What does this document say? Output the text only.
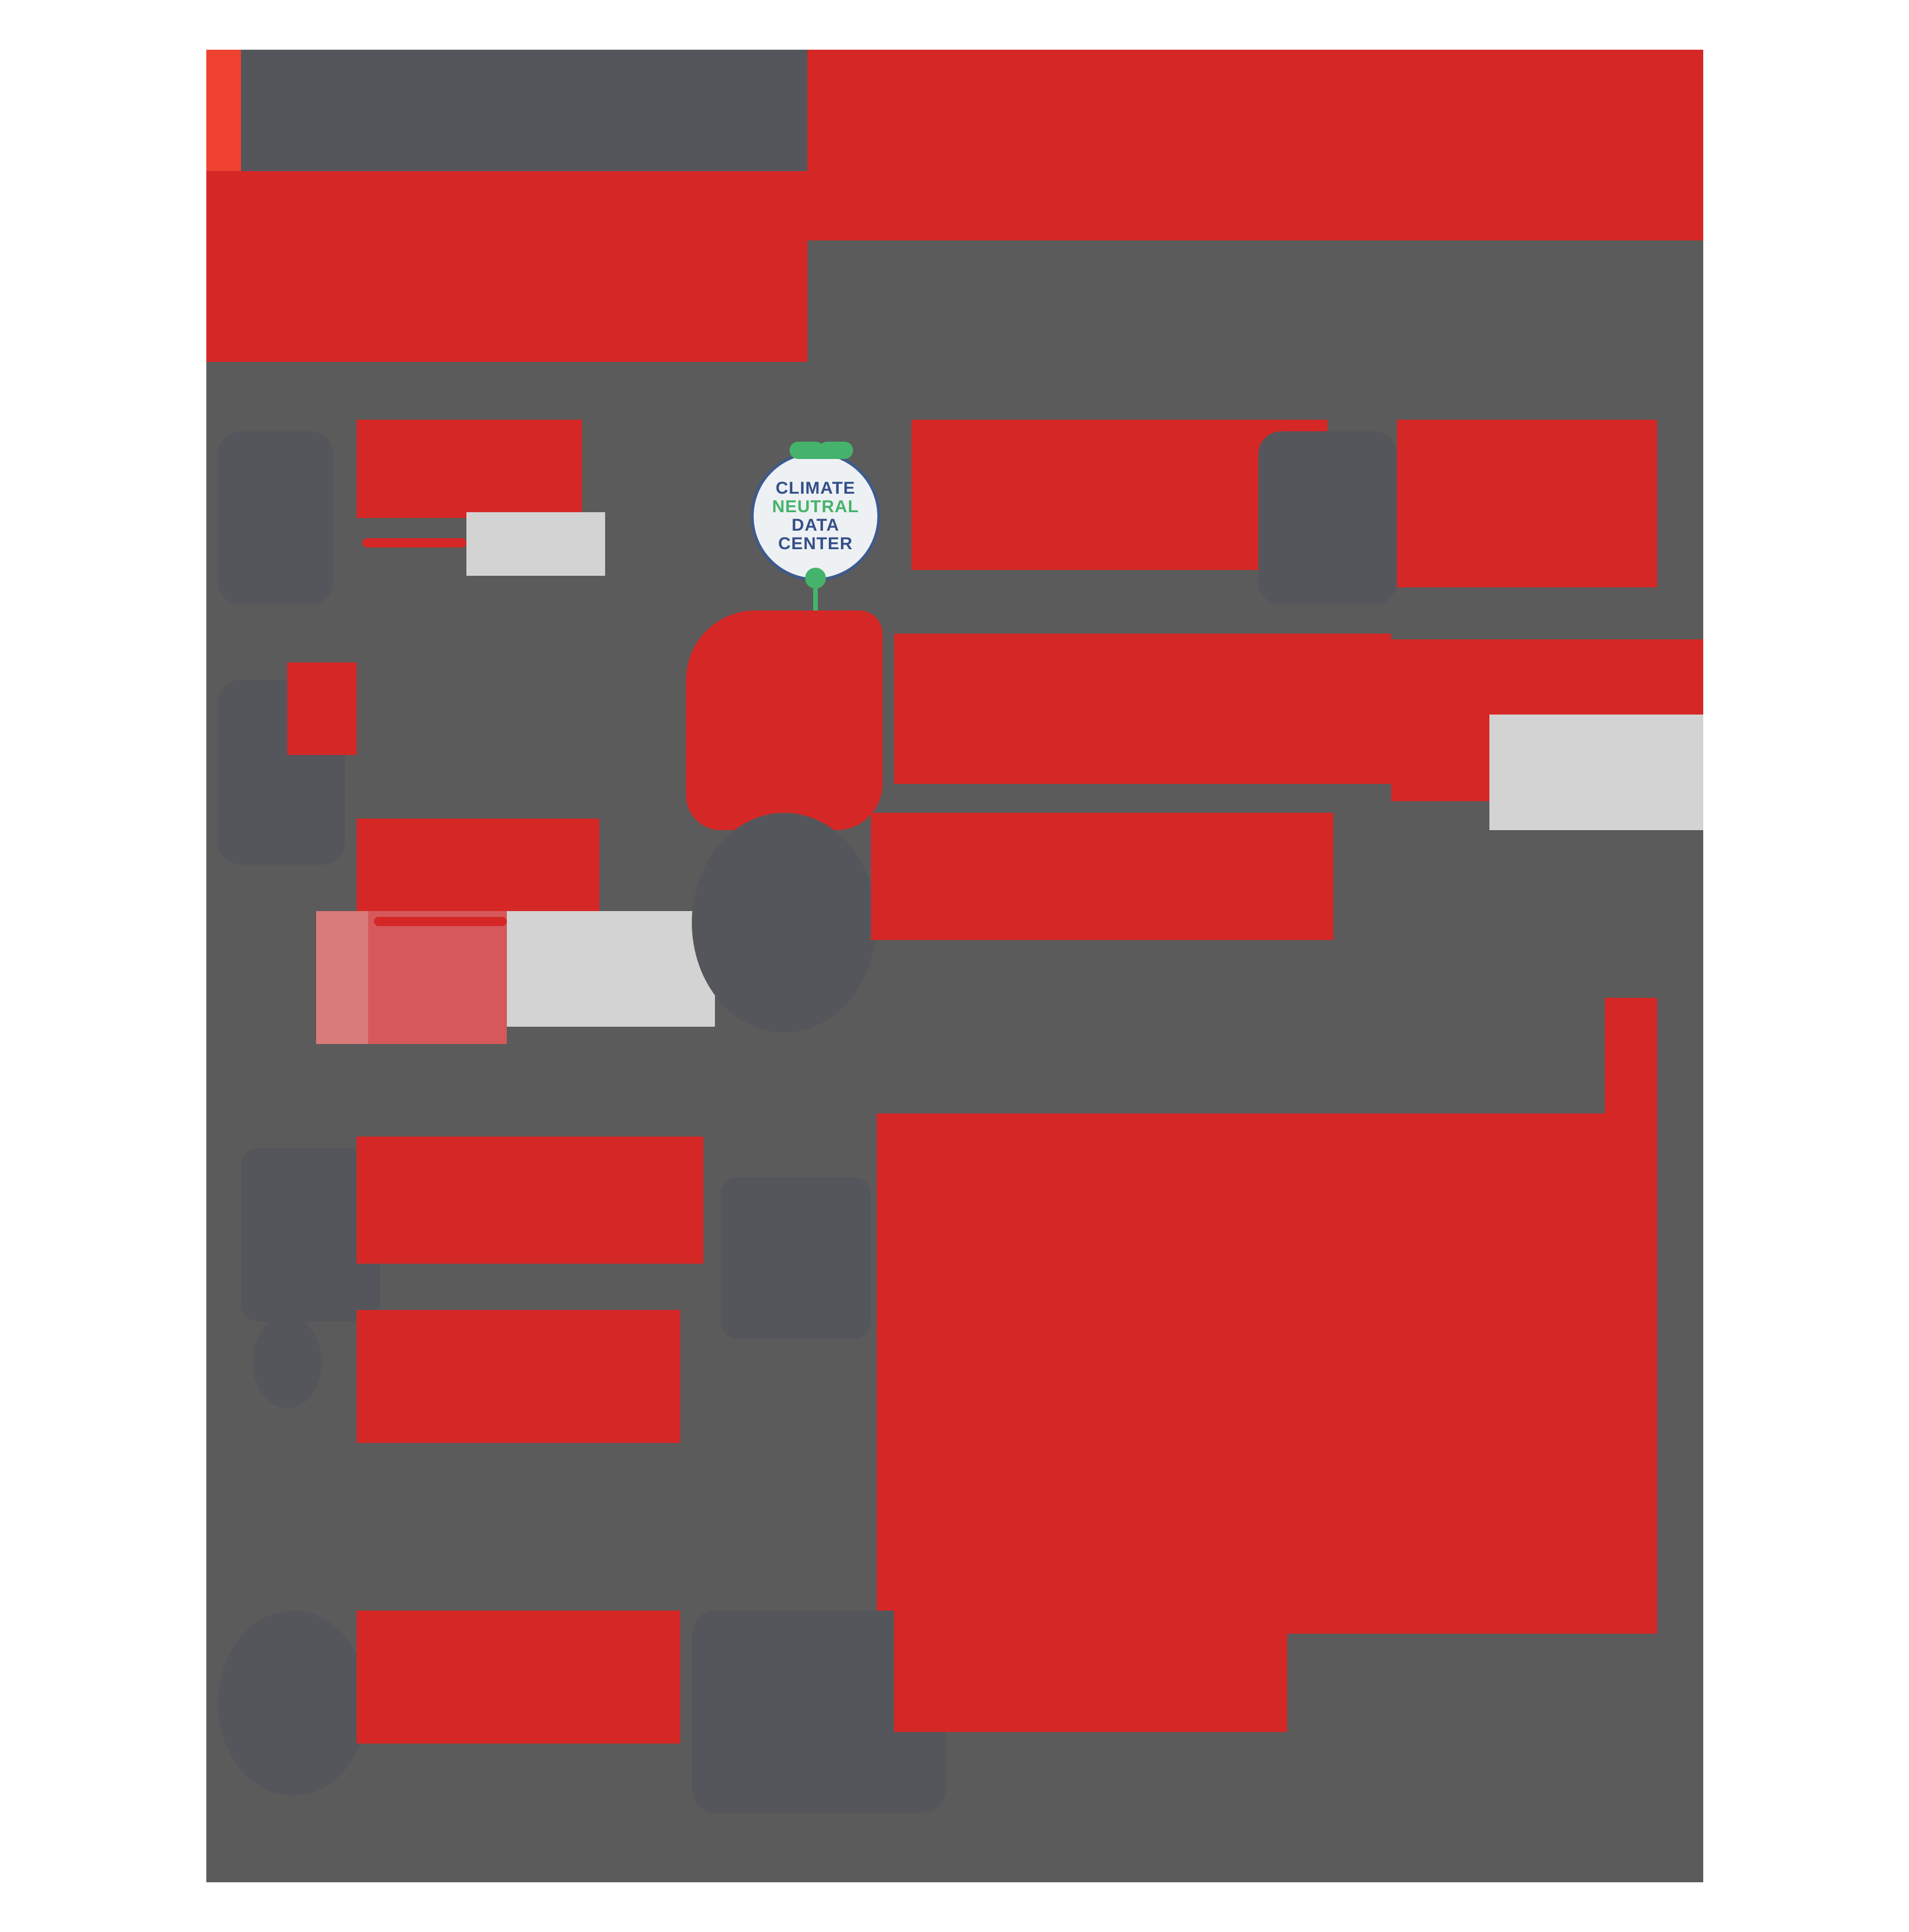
CLIMATE
NEUTRAL
DATA
CENTER
